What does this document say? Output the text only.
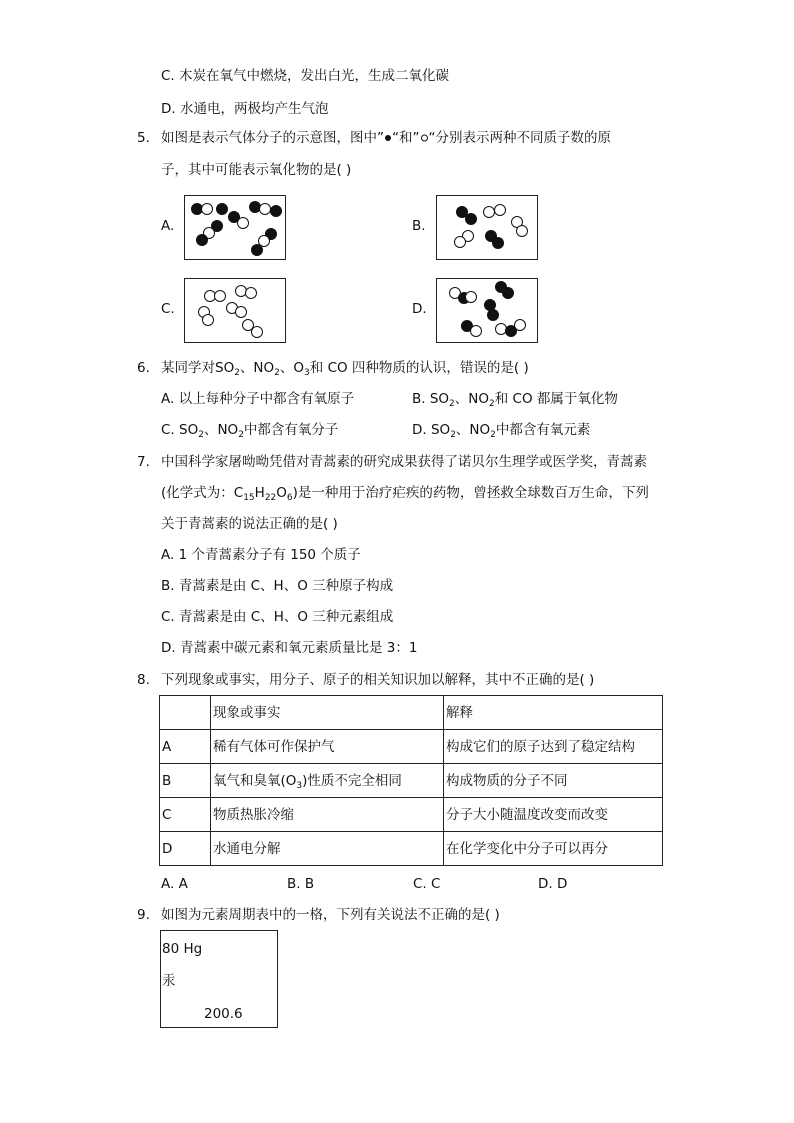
C. 木炭在氧气中燃烧，发出白光，生成二氧化碳
D. 水通电，两极均产生气泡
5. 如图是表示气体分子的示意图，图中” “和” “分别表示两种不同质子数的原
子，其中可能表示氧化物的是( )
A.	B.
C.	D.
6. 某同学对$SO_2$、$NO_2$、$O_3$和 CO 四种物质的认识，错误的是( )
A. 以上每种分子中都含有氧原子	B. $SO_2$、$NO_2$和 CO 都属于氧化物
C. $SO_2$、$NO_2$中都含有氧分子	D. $SO_2$、$NO_2$中都含有氧元素
7. 中国科学家屠呦呦凭借对青蒿素的研究成果获得了诺贝尔生理学或医学奖，青蒿素
(化学式为：$C_{15}H_{22}O_6$)是一种用于治疗疟疾的药物，曾拯救全球数百万生命，下列
关于青蒿素的说法正确的是( )
A. 1 个青蒿素分子有 150 个质子
B. 青蒿素是由 C、H、O 三种原子构成
C. 青蒿素是由 C、H、O 三种元素组成
D. 青蒿素中碳元素和氧元素质量比是 3：1
8. 下列现象或事实，用分子、原子的相关知识加以解释，其中不正确的是( )
	现象或事实	解释
A	稀有气体可作保护气	构成它们的原子达到了稳定结构
B	氧气和臭氧$(O_3)$性质不完全相同	构成物质的分子不同
C	物质热胀冷缩	分子大小随温度改变而改变
D	水通电分解	在化学变化中分子可以再分
A. A	B. B	C. C	D. D
9. 如图为元素周期表中的一格，下列有关说法不正确的是( )
80 Hg
汞
200.6
